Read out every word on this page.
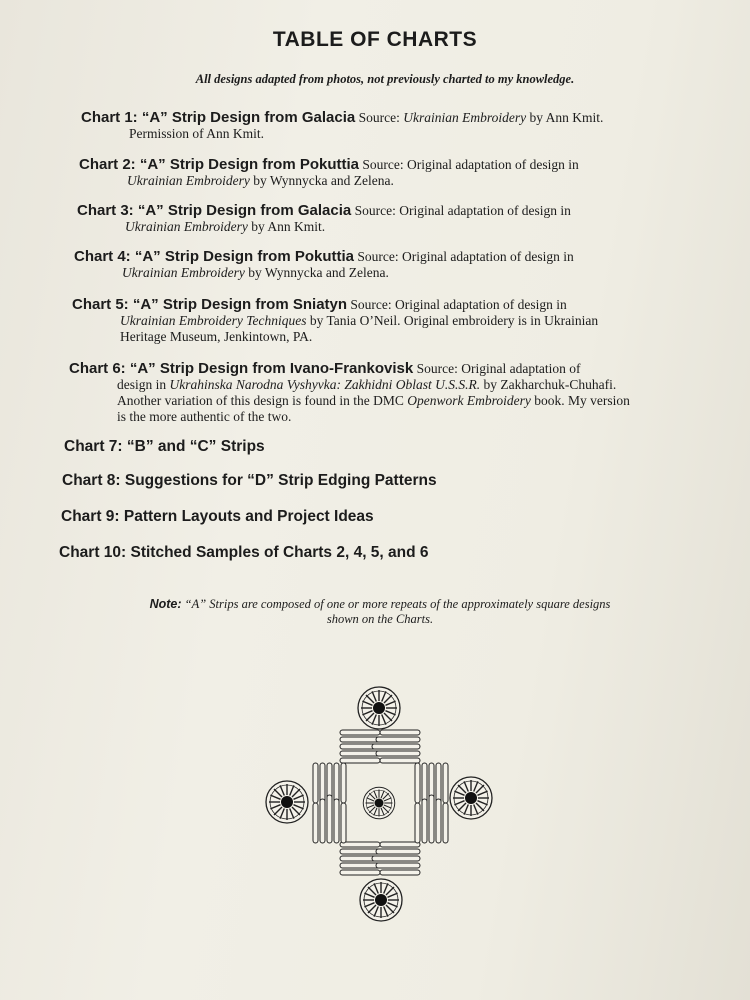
TABLE OF CHARTS
All designs adapted from photos, not previously charted to my knowledge.
Chart 1: “A” Strip Design from Galacia Source: Ukrainian Embroidery by Ann Kmit.
Permission of Ann Kmit.
Chart 2: “A” Strip Design from Pokuttia Source: Original adaptation of design in
Ukrainian Embroidery by Wynnycka and Zelena.
Chart 3: “A” Strip Design from Galacia Source: Original adaptation of design in
Ukrainian Embroidery by Ann Kmit.
Chart 4: “A” Strip Design from Pokuttia Source: Original adaptation of design in
Ukrainian Embroidery by Wynnycka and Zelena.
Chart 5: “A” Strip Design from Sniatyn Source: Original adaptation of design in
Ukrainian Embroidery Techniques by Tania O’Neil. Original embroidery is in Ukrainian
Heritage Museum, Jenkintown, PA.
Chart 6: “A” Strip Design from Ivano-Frankovisk Source: Original adaptation of
design in Ukrahinska Narodna Vyshyvka: Zakhidni Oblast U.S.S.R. by Zakharchuk-Chuhafi.
Another variation of this design is found in the DMC Openwork Embroidery book. My version
is the more authentic of the two.
Chart 7: “B” and “C” Strips
Chart 8: Suggestions for “D” Strip Edging Patterns
Chart 9: Pattern Layouts and Project Ideas
Chart 10: Stitched Samples of Charts 2, 4, 5, and 6
Note: “A” Strips are composed of one or more repeats of the approximately square designs
shown on the Charts.
